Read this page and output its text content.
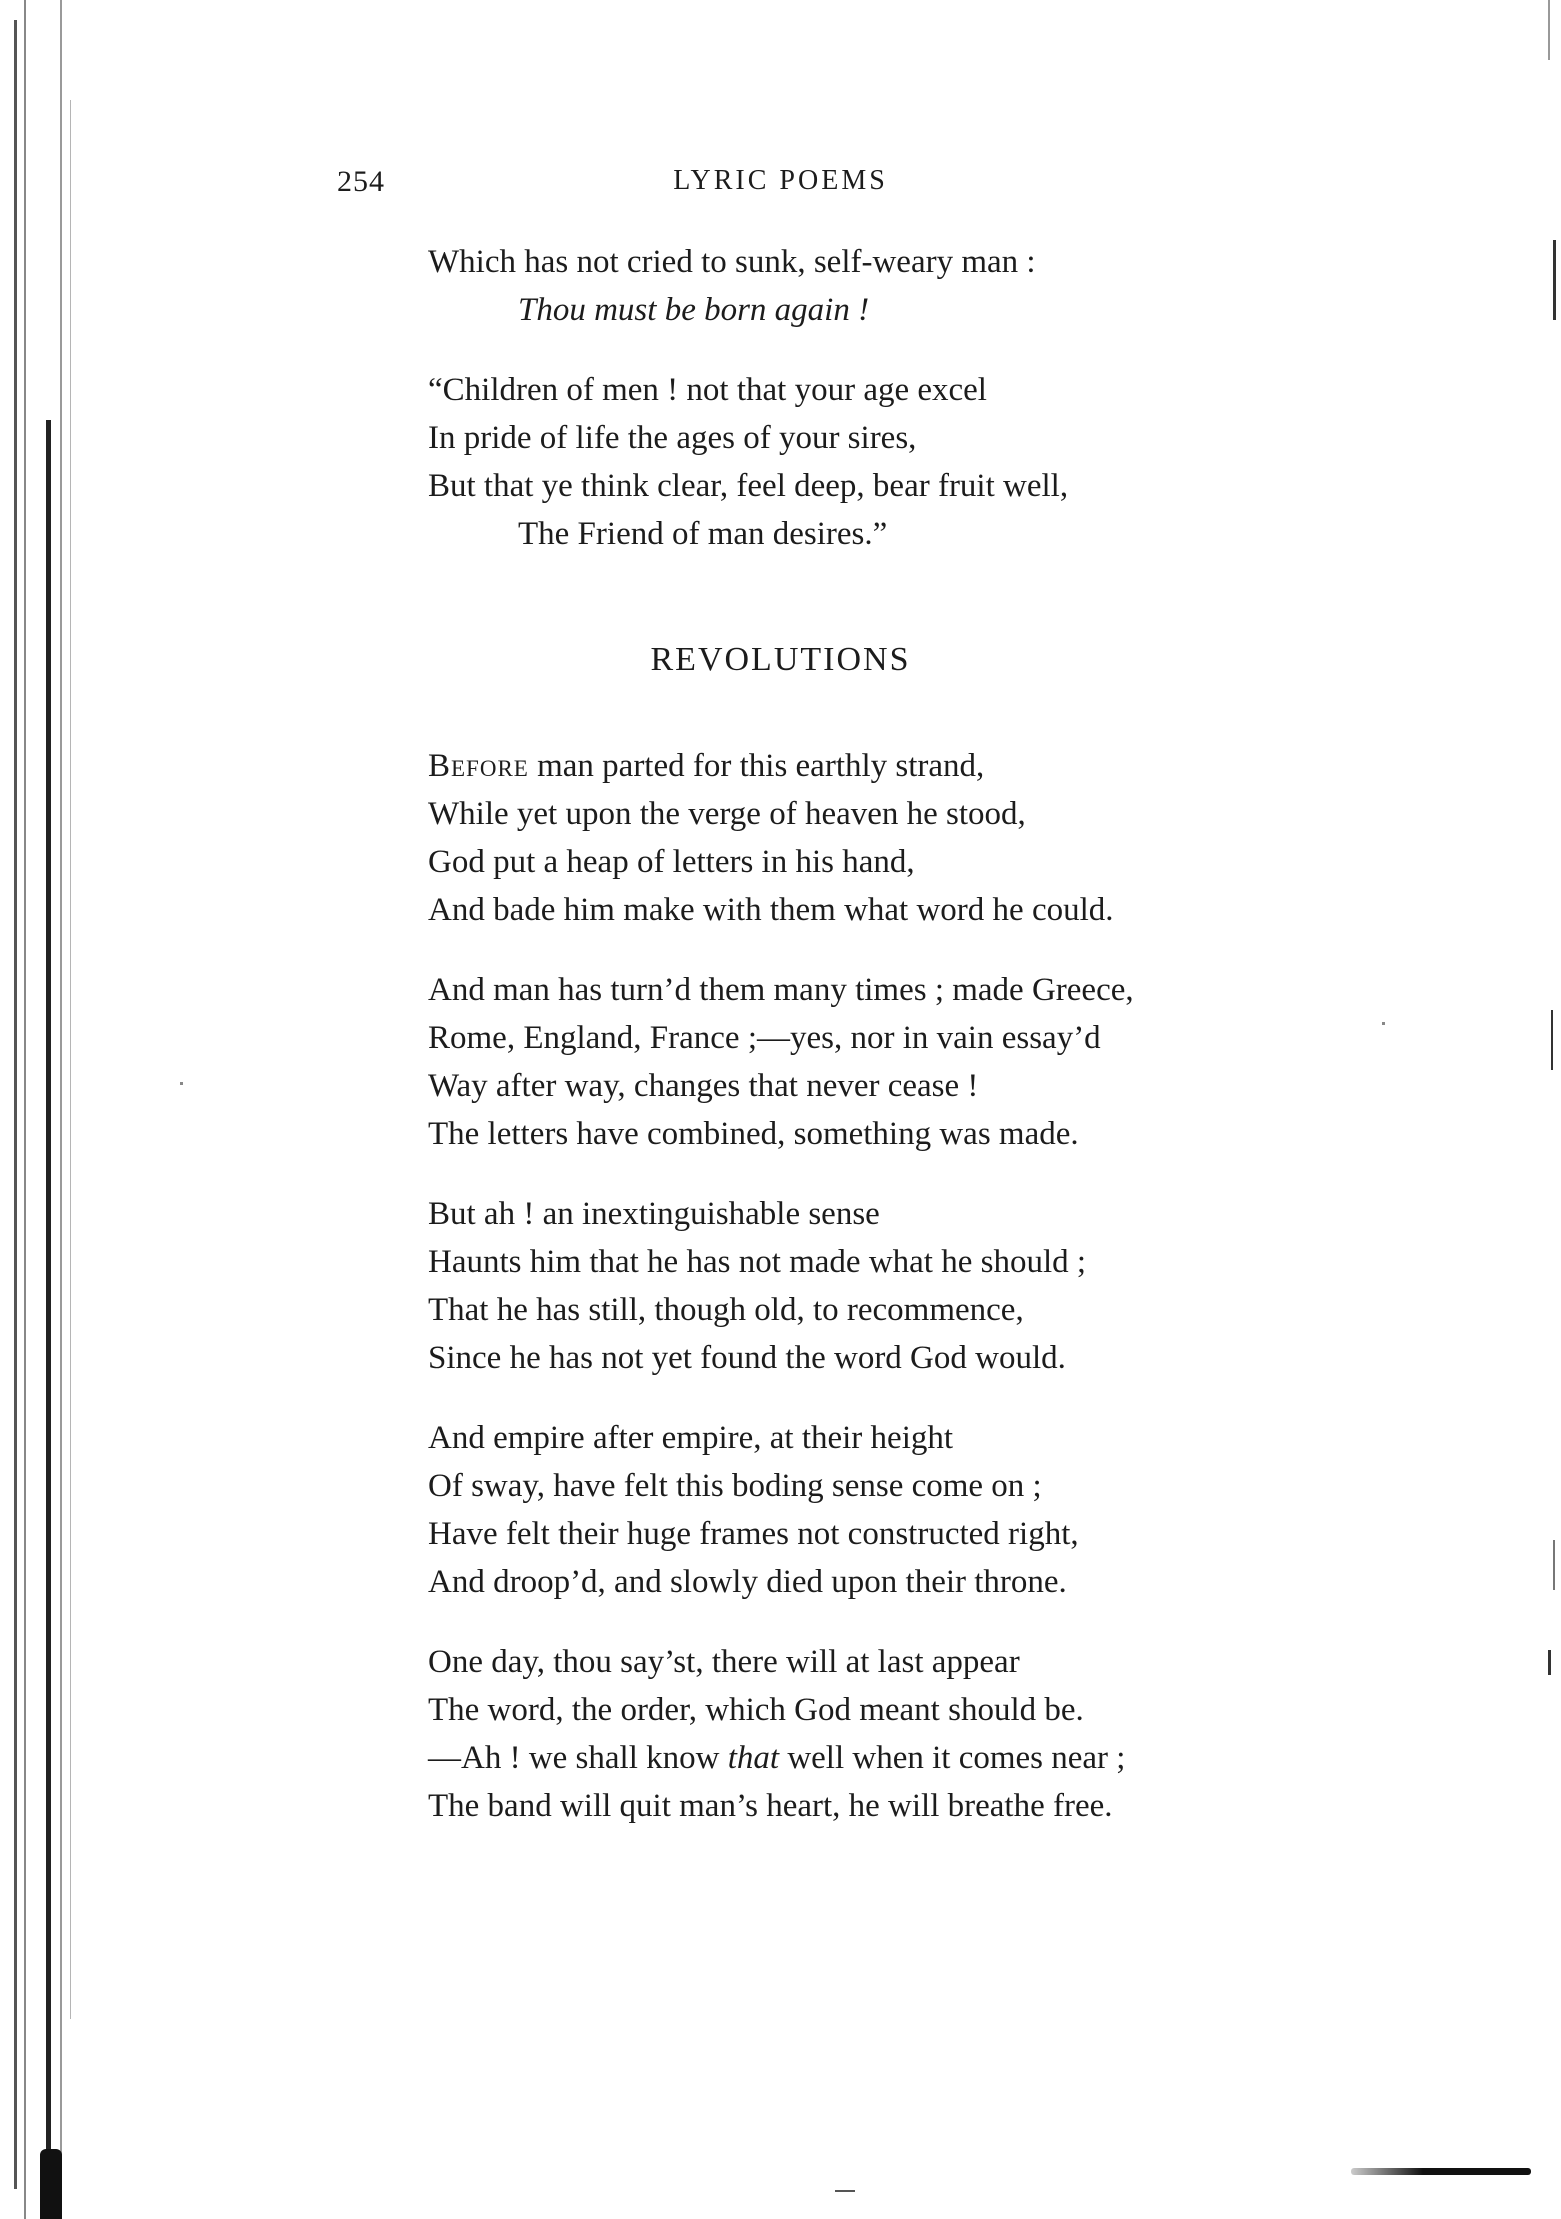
254	LYRIC POEMS
Which has not cried to sunk, self-weary man :
Thou must be born again !
“Children of men ! not that your age excel
In pride of life the ages of your sires,
But that ye think clear, feel deep, bear fruit well,
The Friend of man desires.”
REVOLUTIONS
Before man parted for this earthly strand,
While yet upon the verge of heaven he stood,
God put a heap of letters in his hand,
And bade him make with them what word he could.
And man has turn’d them many times ; made Greece,
Rome, England, France ;—yes, nor in vain essay’d
Way after way, changes that never cease !
The letters have combined, something was made.
But ah ! an inextinguishable sense
Haunts him that he has not made what he should ;
That he has still, though old, to recommence,
Since he has not yet found the word God would.
And empire after empire, at their height
Of sway, have felt this boding sense come on ;
Have felt their huge frames not constructed right,
And droop’d, and slowly died upon their throne.
One day, thou say’st, there will at last appear
The word, the order, which God meant should be.
—Ah ! we shall know that well when it comes near ;
The band will quit man’s heart, he will breathe free.
